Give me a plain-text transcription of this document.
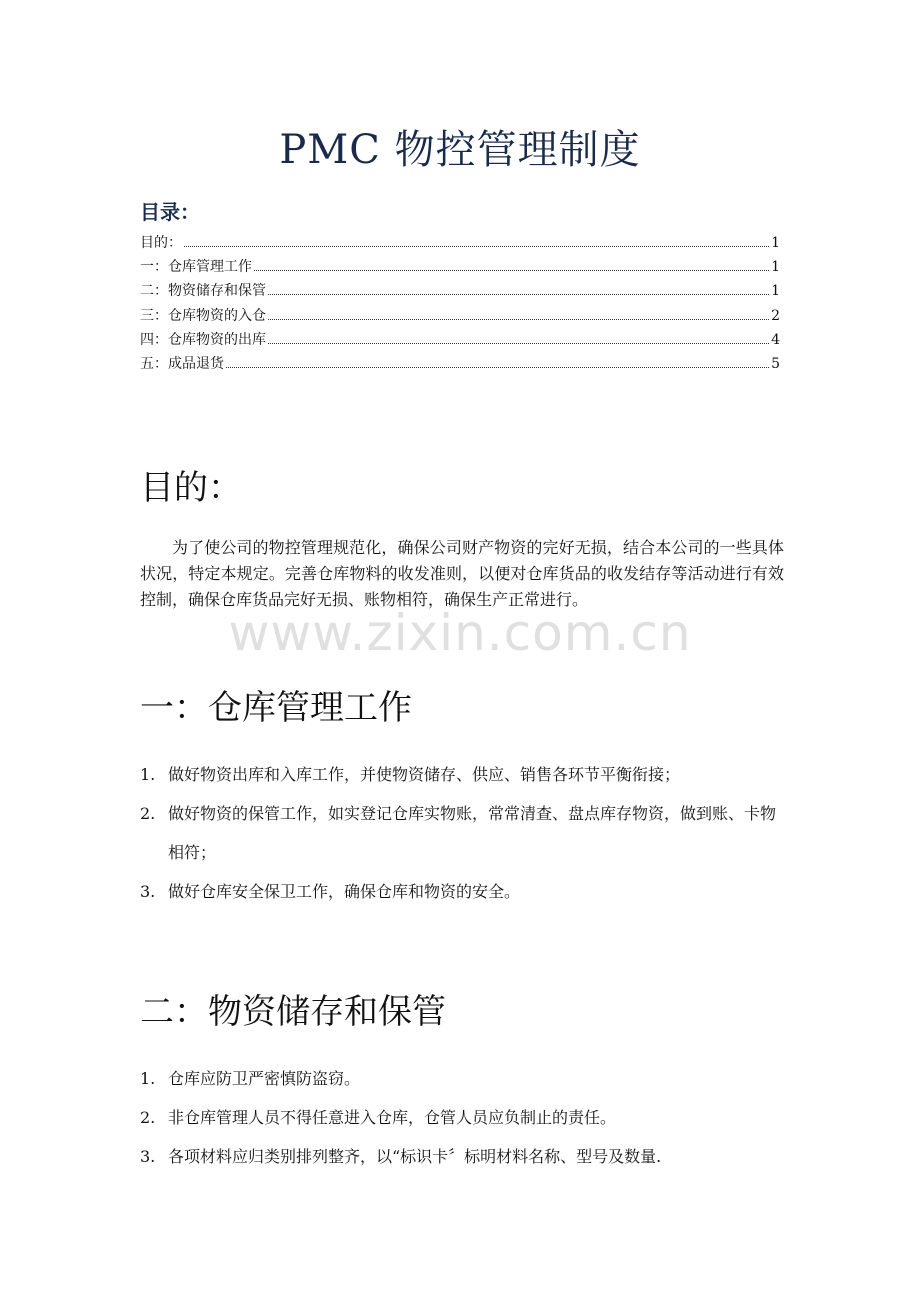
PMC 物控管理制度
目录：
目的：	1
一：仓库管理工作	1
二：物资储存和保管	1
三：仓库物资的入仓	2
四：仓库物资的出库	4
五：成品退货	5
目的：
为了使公司的物控管理规范化，确保公司财产物资的完好无损，结合本公司的一些具体状况，特定本规定。完善仓库物料的收发准则，以便对仓库货品的收发结存等活动进行有效控制，确保仓库货品完好无损、账物相符，确保生产正常进行。
www.zixin.com.cn
一：仓库管理工作
1. 做好物资出库和入库工作，并使物资储存、供应、销售各环节平衡衔接；
2. 做好物资的保管工作，如实登记仓库实物账，常常清查、盘点库存物资，做到账、卡物相符；
3. 做好仓库安全保卫工作，确保仓库和物资的安全。
二：物资储存和保管
1. 仓库应防卫严密慎防盗窃。
2. 非仓库管理人员不得任意进入仓库，仓管人员应负制止的责任。
3. 各项材料应归类别排列整齐，以“标识卡〞标明材料名称、型号及数量.
